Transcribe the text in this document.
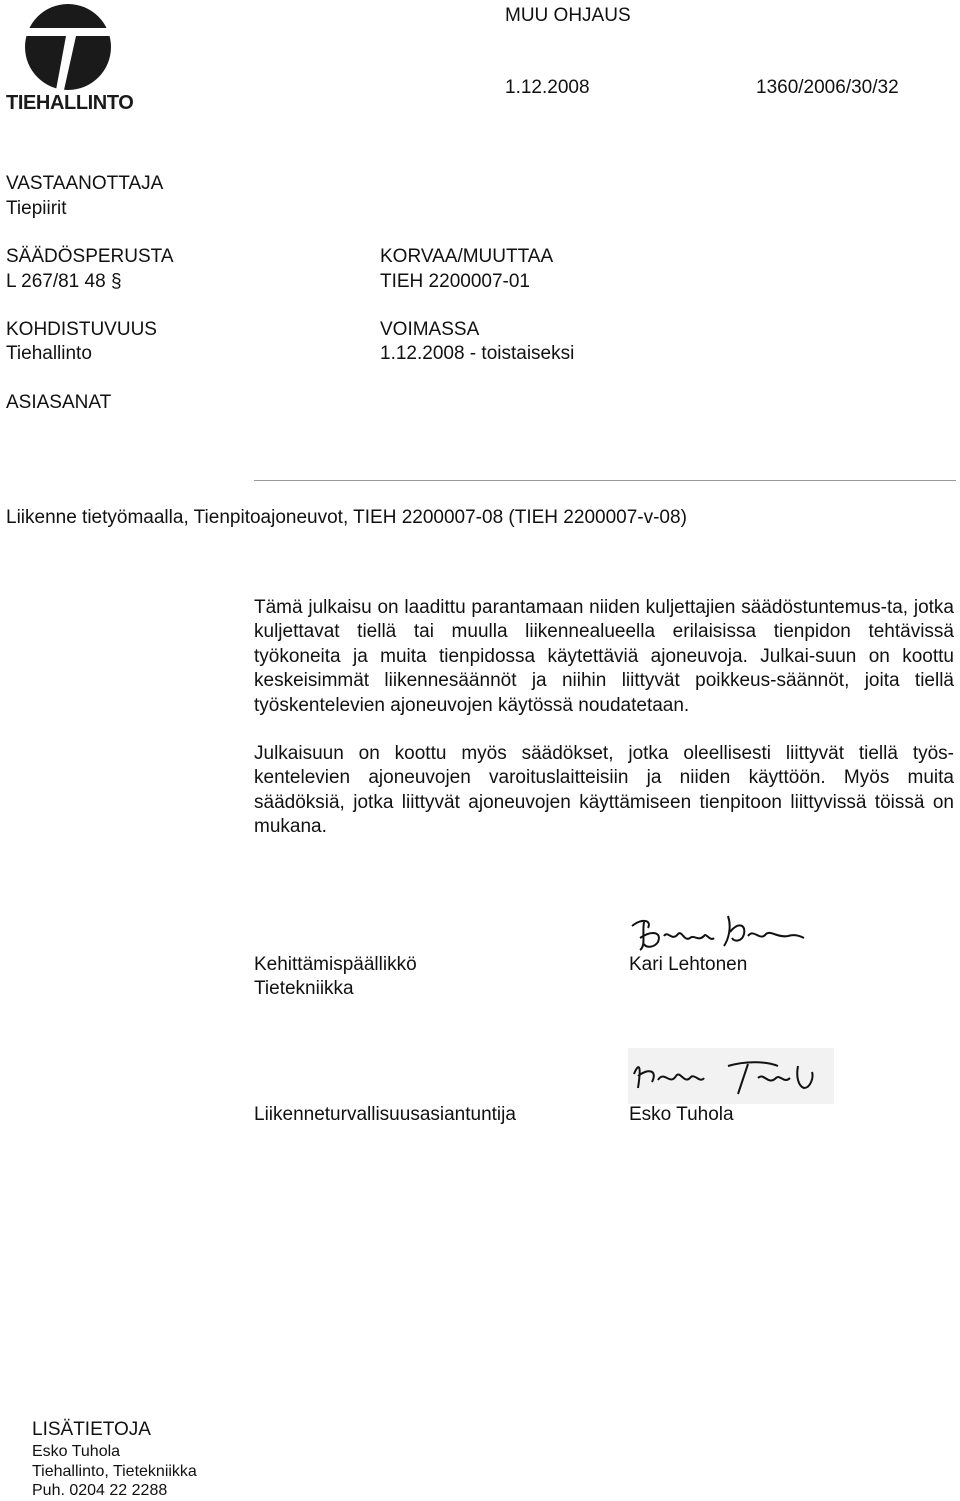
TIEHALLINTO
MUU OHJAUS
1.12.2008	1360/2006/30/32
VASTAANOTTAJA
Tiepiirit
SÄÄDÖSPERUSTA
L 267/81 48 §
KORVAA/MUUTTAA
TIEH 2200007-01
KOHDISTUVUUS
Tiehallinto
VOIMASSA
1.12.2008 - toistaiseksi
ASIASANAT
Liikenne tietyömaalla, Tienpitoajoneuvot, TIEH 2200007-08 (TIEH 2200007-v-08)
Tämä julkaisu on laadittu parantamaan niiden kuljettajien säädöstuntemus-ta, jotka kuljettavat tiellä tai muulla liikennealueella erilaisissa tienpidon tehtävissä työkoneita ja muita tienpidossa käytettäviä ajoneuvoja. Julkai-suun on koottu keskeisimmät liikennesäännöt ja niihin liittyvät poikkeus-säännöt, joita tiellä työskentelevien ajoneuvojen käytössä noudatetaan.
Julkaisuun on koottu myös säädökset, jotka oleellisesti liittyvät tiellä työs-kentelevien ajoneuvojen varoituslaitteisiin ja niiden käyttöön. Myös muita säädöksiä, jotka liittyvät ajoneuvojen käyttämiseen tienpitoon liittyvissä töissä on mukana.
Kehittämispäällikkö
Tietekniikka
Kari Lehtonen
Liikenneturvallisuusasiantuntija	Esko Tuhola
LISÄTIETOJA
Esko Tuhola
Tiehallinto, Tietekniikka
Puh. 0204 22 2288
